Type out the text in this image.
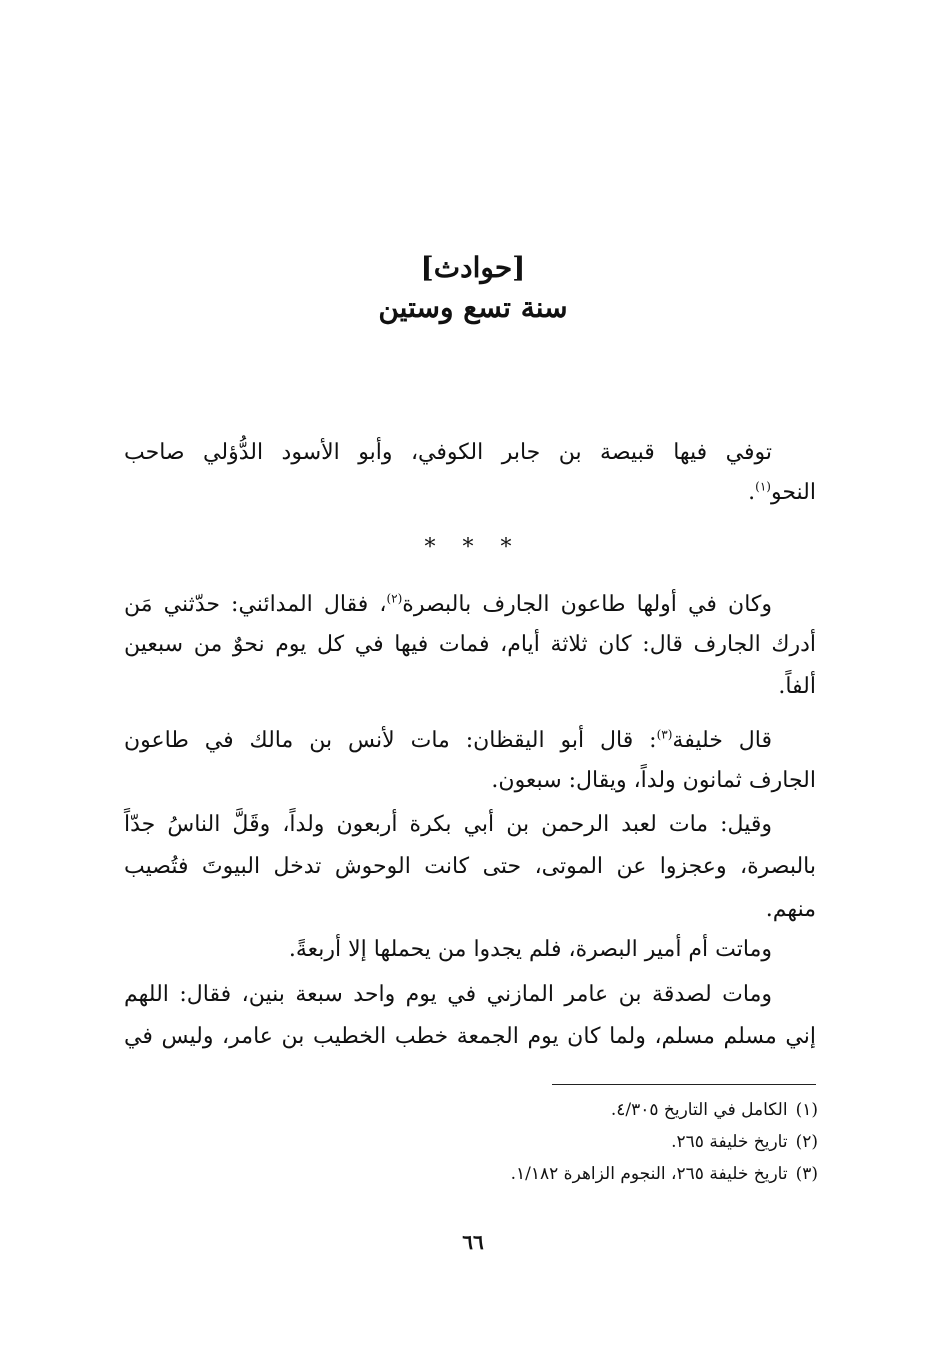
[حوادث]
سنة تسع وستين
توفي فيها قبيصة بن جابر الكوفي، وأبو الأسود الدُّؤلي صاحب
النحو$^{(١)}$.
* * *
وكان في أولها طاعون الجارف بالبصرة$^{(٢)}$، فقال المدائني: حدّثني مَن
أدرك الجارف قال: كان ثلاثة أيام، فمات فيها في كل يوم نحوٌ من سبعين
ألفاً.
قال خليفة$^{(٣)}$: قال أبو اليقظان: مات لأنس بن مالك في طاعون
الجارف ثمانون ولداً، ويقال: سبعون.
وقيل: مات لعبد الرحمن بن أبي بكرة أربعون ولداً، وقَلَّ الناسُ جدّاً
بالبصرة، وعجزوا عن الموتى، حتى كانت الوحوش تدخل البيوتَ فتُصيب
منهم.
وماتت أم أمير البصرة، فلم يجدوا من يحملها إلا أربعةً.
ومات لصدقة بن عامر المازني في يوم واحد سبعة بنين، فقال: اللهم
إني مسلم مسلم، ولما كان يوم الجمعة خطب الخطيب بن عامر، وليس في
(١)الكامل في التاريخ ٤/٣٠٥.
(٢)تاريخ خليفة ٢٦٥.
(٣)تاريخ خليفة ٢٦٥، النجوم الزاهرة ١/١٨٢.
٦٦
